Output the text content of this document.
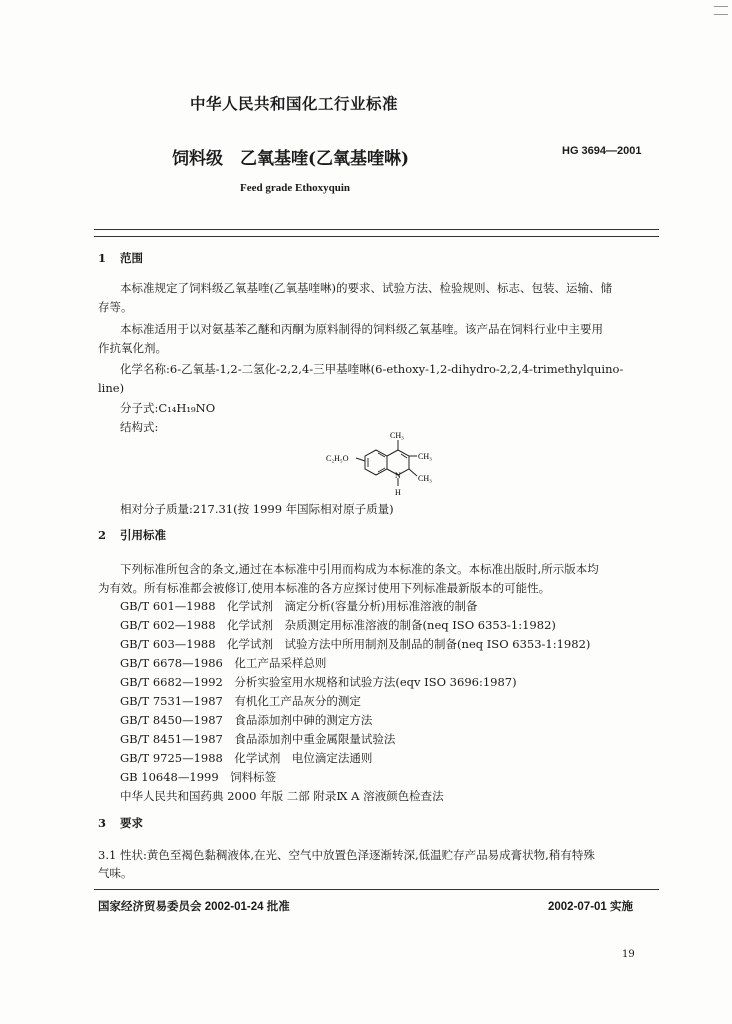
中华人民共和国化工行业标准
饲料级　乙氧基喹(乙氧基喹啉)	HG 3694—2001
Feed grade Ethoxyquin
1 范围
本标准规定了饲料级乙氧基喹(乙氧基喹啉)的要求、试验方法、检验规则、标志、包装、运输、储
存等。
本标准适用于以对氨基苯乙醚和丙酮为原料制得的饲料级乙氧基喹。该产品在饲料行业中主要用
作抗氧化剂。
化学名称:6-乙氧基-1,2-二氢化-2,2,4-三甲基喹啉(6-ethoxy-1,2-dihydro-2,2,4-trimethylquino-
line)
分子式:C₁₄H₁₉NO
结构式:
C₂H₅O
CH₃
CH₃
CH₃
N
H
相对分子质量:217.31(按 1999 年国际相对原子质量)
2 引用标准
下列标准所包含的条文,通过在本标准中引用而构成为本标准的条文。本标准出版时,所示版本均
为有效。所有标准都会被修订,使用本标准的各方应探讨使用下列标准最新版本的可能性。
GB/T 601—1988　化学试剂　滴定分析(容量分析)用标准溶液的制备
GB/T 602—1988　化学试剂　杂质测定用标准溶液的制备(neq ISO 6353-1:1982)
GB/T 603—1988　化学试剂　试验方法中所用制剂及制品的制备(neq ISO 6353-1:1982)
GB/T 6678—1986　化工产品采样总则
GB/T 6682—1992　分析实验室用水规格和试验方法(eqv ISO 3696:1987)
GB/T 7531—1987　有机化工产品灰分的测定
GB/T 8450—1987　食品添加剂中砷的测定方法
GB/T 8451—1987　食品添加剂中重金属限量试验法
GB/T 9725—1988　化学试剂　电位滴定法通则
GB 10648—1999　饲料标签
中华人民共和国药典 2000 年版 二部 附录Ⅸ A 溶液颜色检查法
3 要求
3.1 性状:黄色至褐色黏稠液体,在光、空气中放置色泽逐渐转深,低温贮存产品易成膏状物,稍有特殊
气味。
国家经济贸易委员会 2002-01-24 批准	2002-07-01 实施
19
